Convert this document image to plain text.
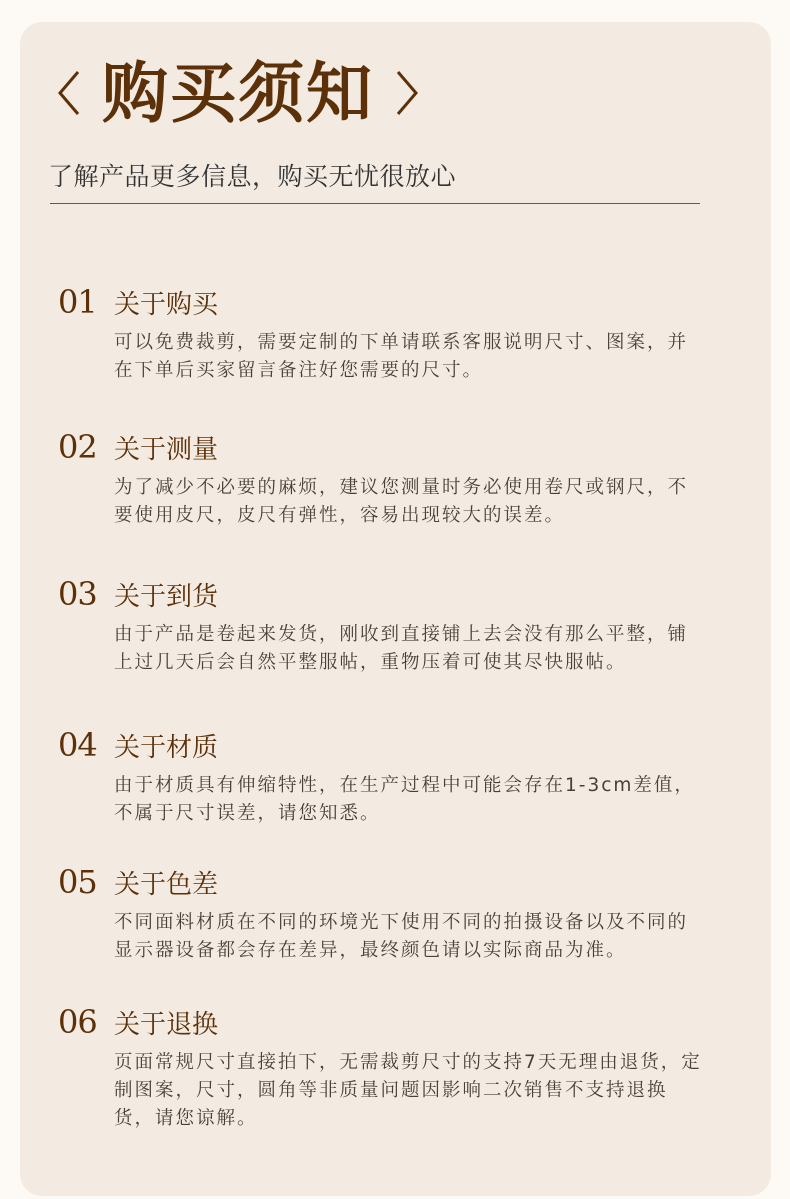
购买须知
了解产品更多信息，购买无忧很放心
01 关于购买
可以免费裁剪，需要定制的下单请联系客服说明尺寸、图案，并在下单后买家留言备注好您需要的尺寸。
02 关于测量
为了减少不必要的麻烦，建议您测量时务必使用卷尺或钢尺，不要使用皮尺，皮尺有弹性，容易出现较大的误差。
03 关于到货
由于产品是卷起来发货，刚收到直接铺上去会没有那么平整，铺上过几天后会自然平整服帖，重物压着可使其尽快服帖。
04 关于材质
由于材质具有伸缩特性，在生产过程中可能会存在1-3cm差值，不属于尺寸误差，请您知悉。
05 关于色差
不同面料材质在不同的环境光下使用不同的拍摄设备以及不同的显示器设备都会存在差异，最终颜色请以实际商品为准。
06 关于退换
页面常规尺寸直接拍下，无需裁剪尺寸的支持7天无理由退货，定制图案，尺寸，圆角等非质量问题因影响二次销售不支持退换货，请您谅解。
